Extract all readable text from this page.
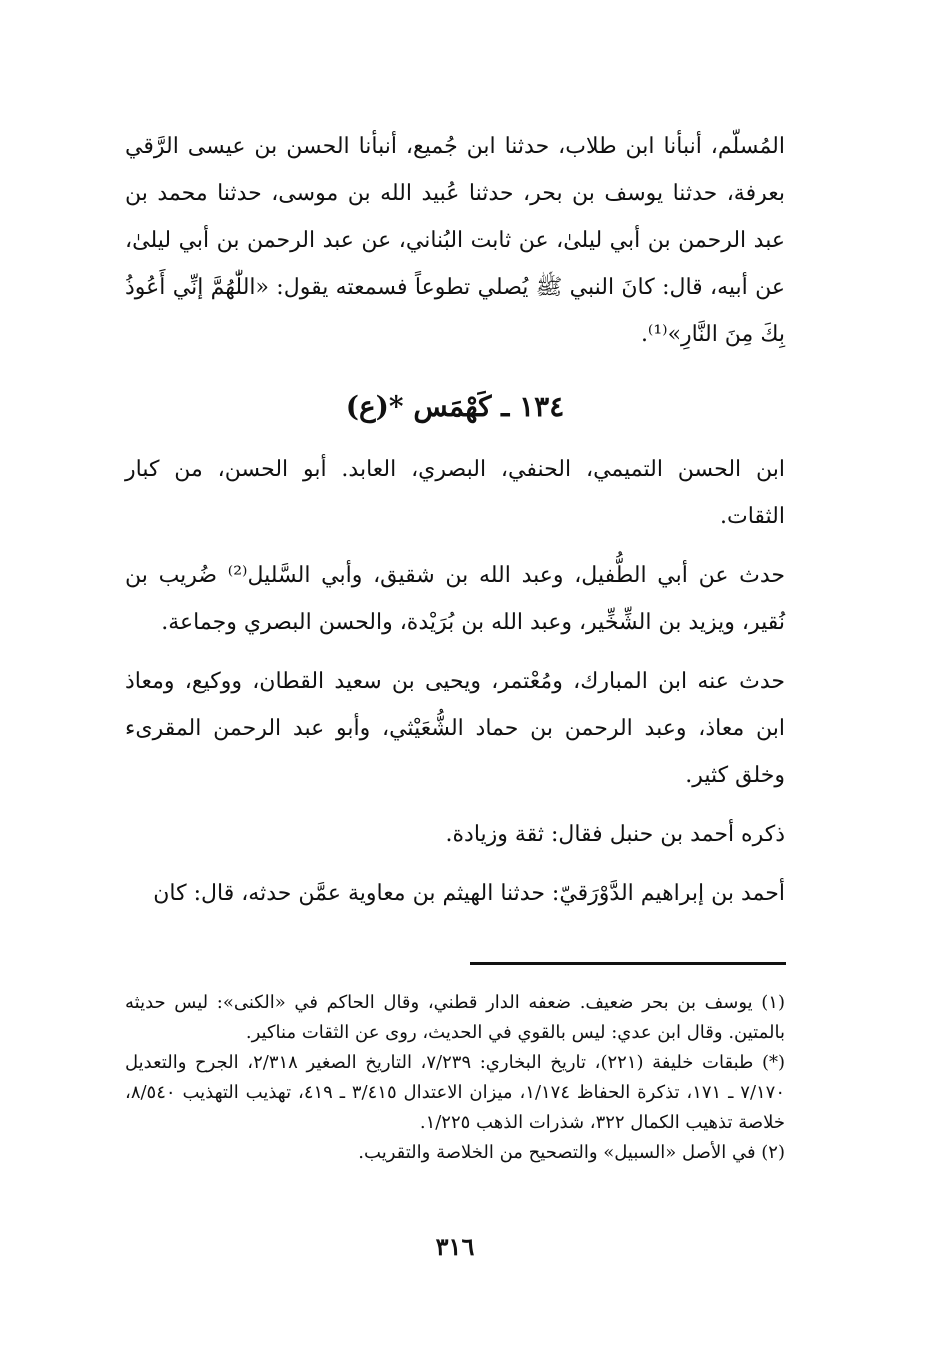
المُسلّم، أنبأنا ابن طلاب، حدثنا ابن جُميع، أنبأنا الحسن بن عيسى الرَّقي بعرفة، حدثنا يوسف بن بحر، حدثنا عُبيد الله بن موسى، حدثنا محمد بن عبد الرحمن بن أبي ليلىٰ، عن ثابت البُناني، عن عبد الرحمن بن أبي ليلىٰ، عن أبيه، قال: كانَ النبي ﷺ يُصلي تطوعاً فسمعته يقول: «اللّٰهُمَّ إنِّي أَعُوذُ بِكَ مِنَ النَّارِ»⁽¹⁾.

١٣٤ ـ كَهْمَس *(ع)

ابن الحسن التميمي، الحنفي، البصري، العابد. أبو الحسن، من كبار الثقات.

حدث عن أبي الطُّفيل، وعبد الله بن شقيق، وأبي السَّليل⁽²⁾ ضُريب بن نُقير، ويزيد بن الشِّخِّير، وعبد الله بن بُرَيْدة، والحسن البصري وجماعة.

حدث عنه ابن المبارك، ومُعْتمر، ويحيى بن سعيد القطان، ووكيع، ومعاذ ابن معاذ، وعبد الرحمن بن حماد الشُّعَيْثي، وأبو عبد الرحمن المقرىء وخلق كثير.

ذكره أحمد بن حنبل فقال: ثقة وزيادة.

أحمد بن إبراهيم الدَّوْرَقيّ: حدثنا الهيثم بن معاوية عمَّن حدثه، قال: كان

(١) يوسف بن بحر ضعيف. ضعفه الدار قطني، وقال الحاكم في «الكنى»: ليس حديثه بالمتين. وقال ابن عدي: ليس بالقوي في الحديث، روى عن الثقات مناكير.

(*) طبقات خليفة (٢٢١)، تاريخ البخاري: ٧/٢٣٩، التاريخ الصغير ٢/٣١٨، الجرح والتعديل ٧/١٧٠ ـ ١٧١، تذكرة الحفاظ ١/١٧٤، ميزان الاعتدال ٣/٤١٥ ـ ٤١٩، تهذيب التهذيب ٨/٥٤٠، خلاصة تذهيب الكمال ٣٢٢، شذرات الذهب ١/٢٢٥.

(٢) في الأصل «السبيل» والتصحيح من الخلاصة والتقريب.

٣١٦
